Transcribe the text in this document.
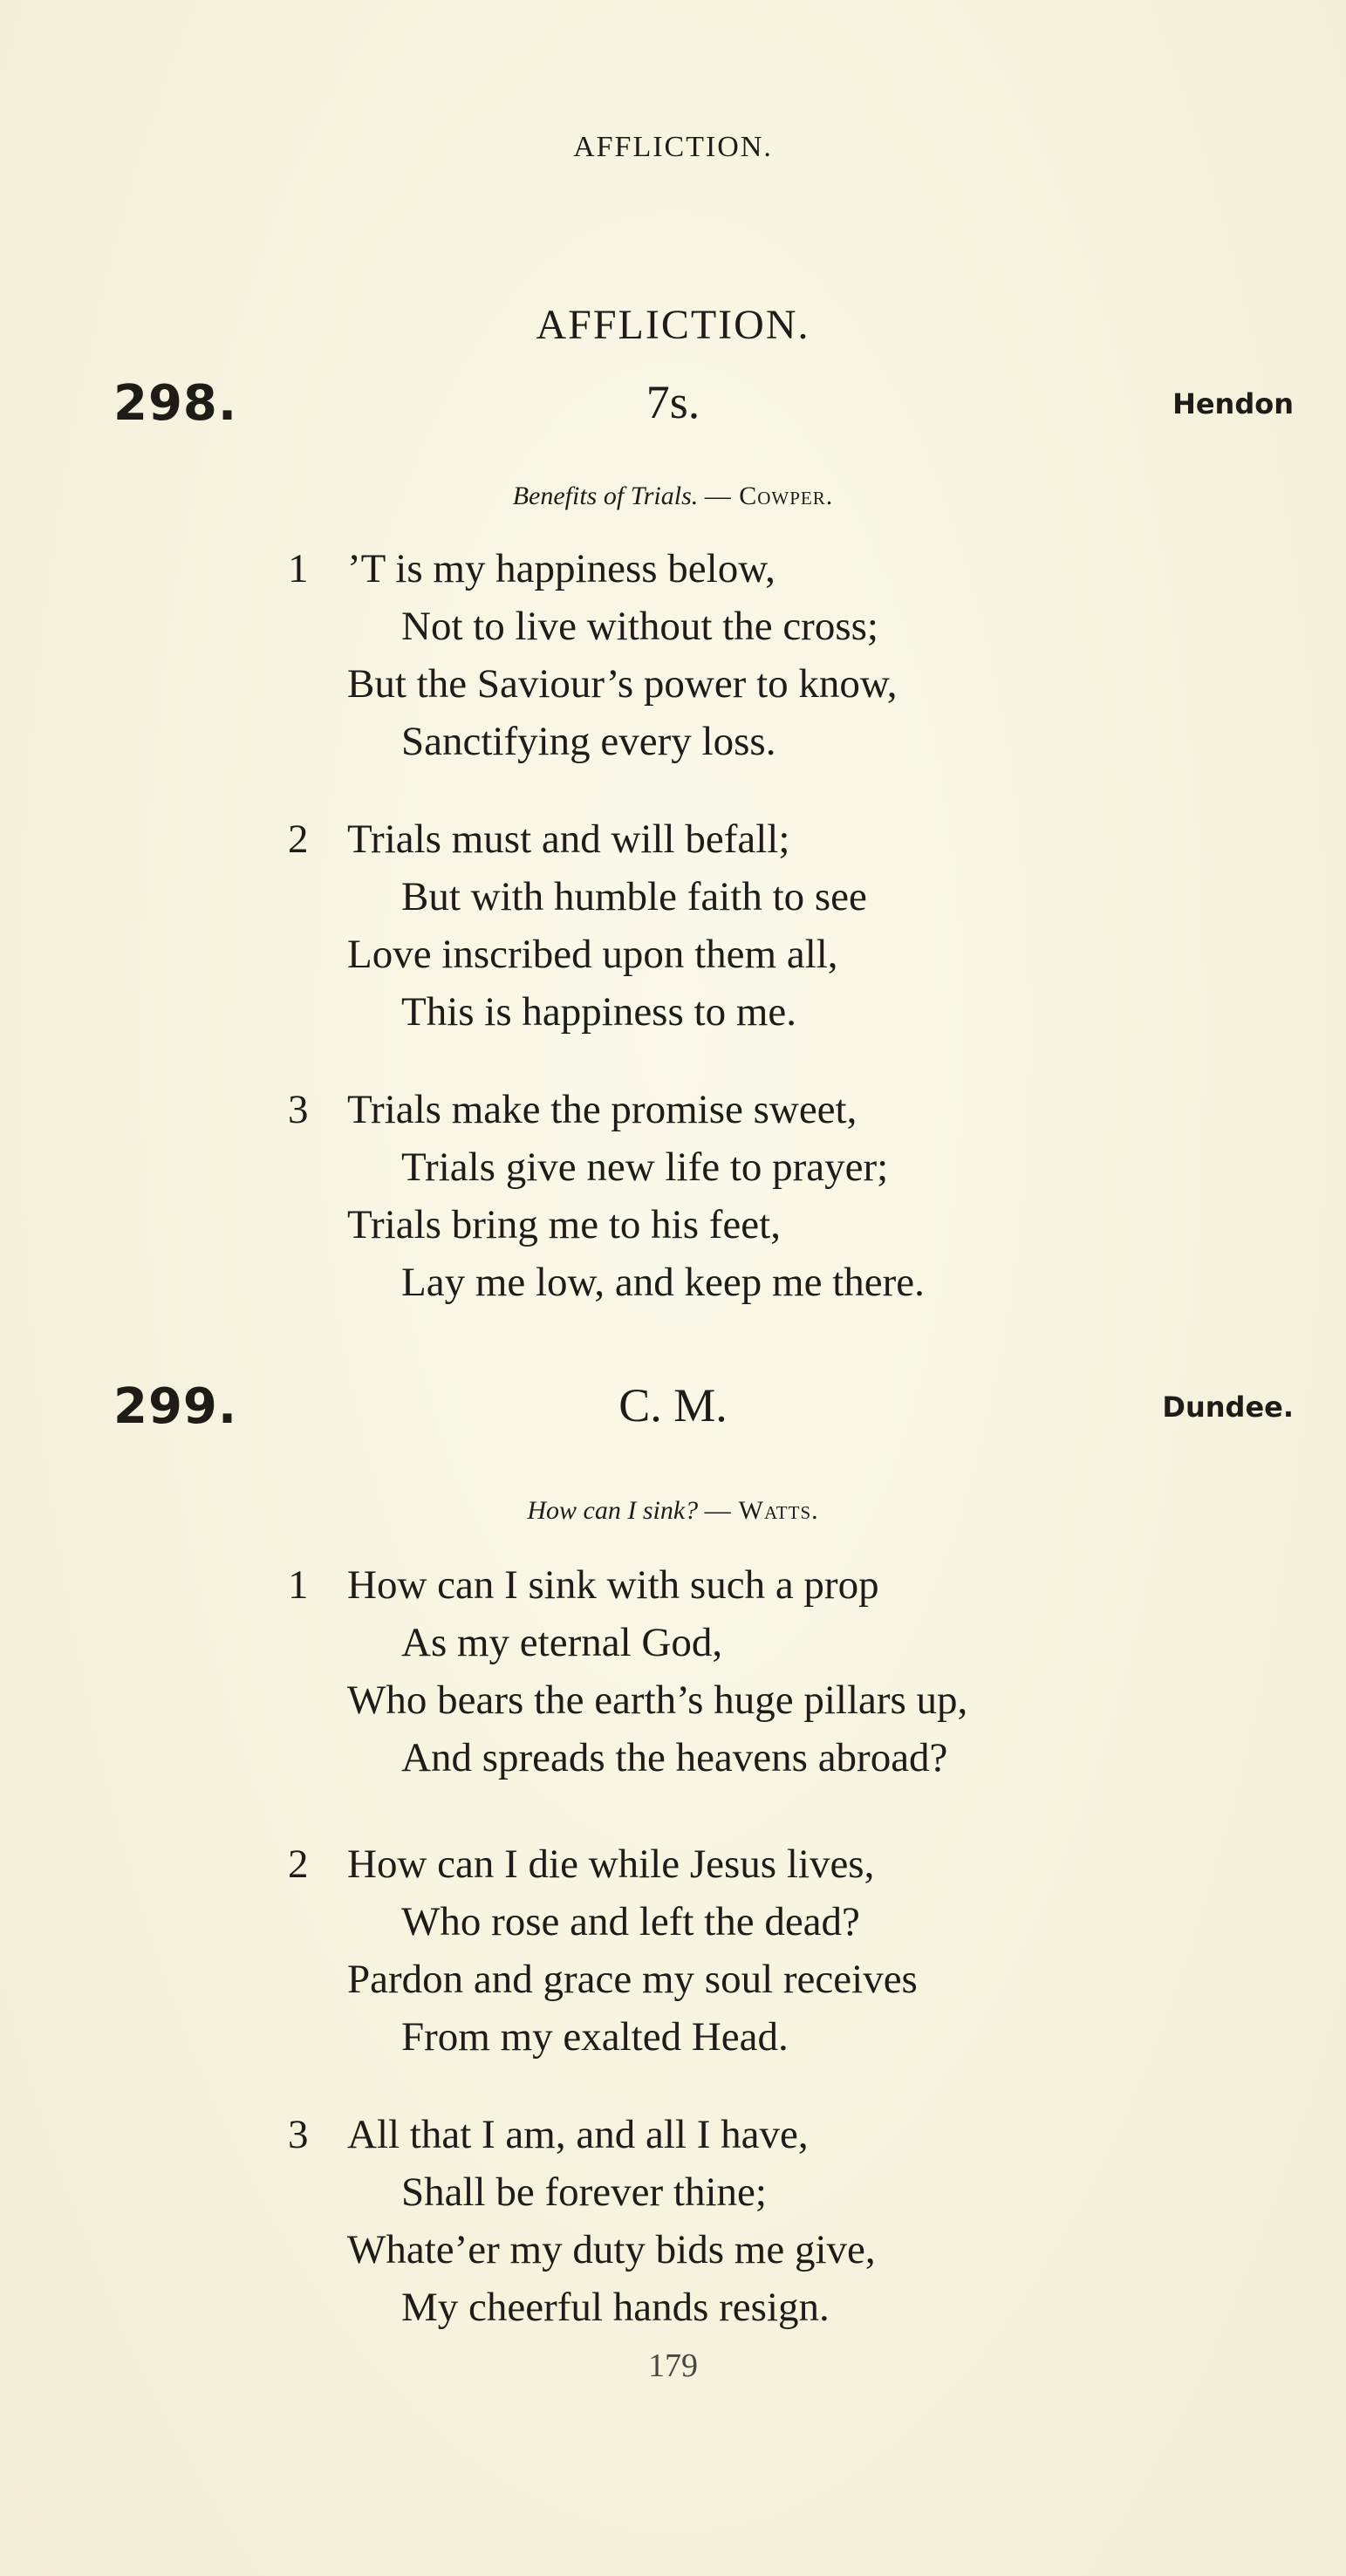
AFFLICTION.
AFFLICTION.
298.	7s.	Hendon
Benefits of Trials. — Cowper.
1 ’T is my happiness below,
Not to live without the cross;
But the Saviour’s power to know,
Sanctifying every loss.
2 Trials must and will befall;
But with humble faith to see
Love inscribed upon them all,
This is happiness to me.
3 Trials make the promise sweet,
Trials give new life to prayer;
Trials bring me to his feet,
Lay me low, and keep me there.
299.	C. M.	Dundee.
How can I sink? — Watts.
1 How can I sink with such a prop
As my eternal God,
Who bears the earth’s huge pillars up,
And spreads the heavens abroad?
2 How can I die while Jesus lives,
Who rose and left the dead?
Pardon and grace my soul receives
From my exalted Head.
3 All that I am, and all I have,
Shall be forever thine;
Whate’er my duty bids me give,
My cheerful hands resign.
179
